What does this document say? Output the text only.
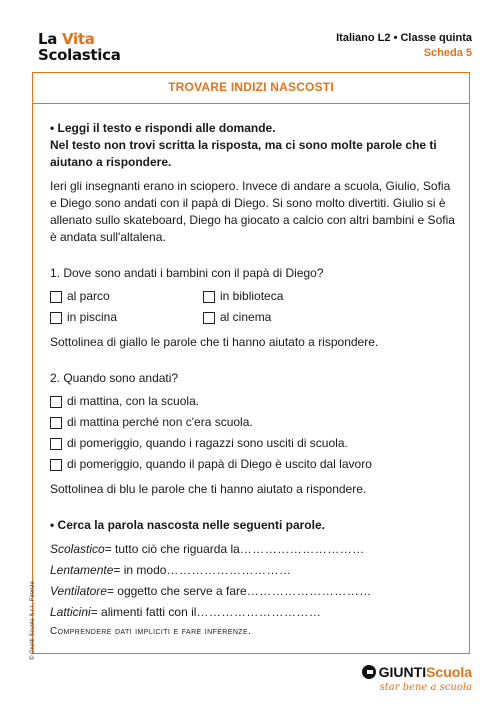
La Vita
Scolastica
Italiano L2 • Classe quinta
Scheda 5
TROVARE INDIZI NASCOSTI
• Leggi il testo e rispondi alle domande.
Nel testo non trovi scritta la risposta, ma ci sono molte parole che ti aiutano a rispondere.
Ieri gli insegnanti erano in sciopero. Invece di andare a scuola, Giulio, Sofia e Diego sono andati con il papà di Diego. Si sono molto divertiti. Giulio si è allenato sullo skateboard, Diego ha giocato a calcio con altri bambini e Sofia è andata sull'altalena.
1. Dove sono andati i bambini con il papà di Diego?
al parco	in biblioteca
in piscina	al cinema
Sottolinea di giallo le parole che ti hanno aiutato a rispondere.
2. Quando sono andati?
di mattina, con la scuola.
di mattina perché non c'era scuola.
di pomeriggio, quando i ragazzi sono usciti di scuola.
di pomeriggio, quando il papà di Diego è uscito dal lavoro
Sottolinea di blu le parole che ti hanno aiutato a rispondere.
• Cerca la parola nascosta nelle seguenti parole.
Scolastico = tutto ciò che riguarda la …………………………
Lentamente = in modo …………………………
Ventilatore = oggetto che serve a fare …………………………
Latticini = alimenti fatti con il …………………………
Comprendere dati impliciti e fare inferenze.
© Giunti Scuola S.r.l., Firenze
GIUNTI Scuola
star bene a scuola
